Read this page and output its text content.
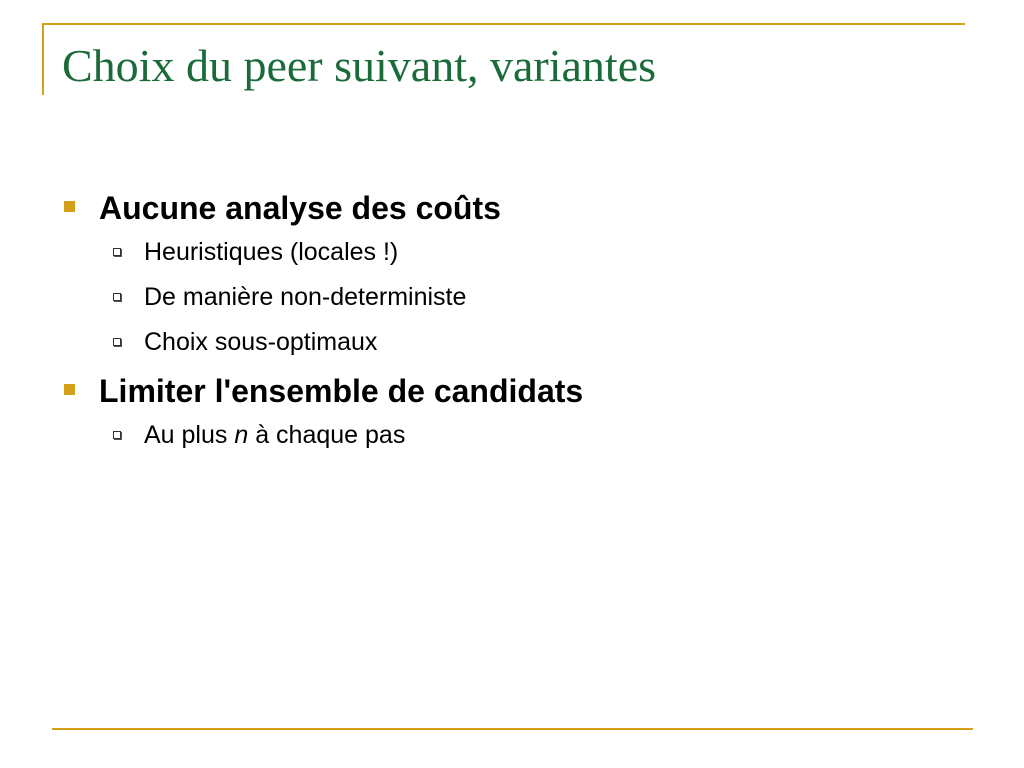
Choix du peer suivant, variantes
Aucune analyse des coûts
Heuristiques (locales !)
De manière non-deterministe
Choix sous-optimaux
Limiter l'ensemble de candidats
Au plus n à chaque pas
